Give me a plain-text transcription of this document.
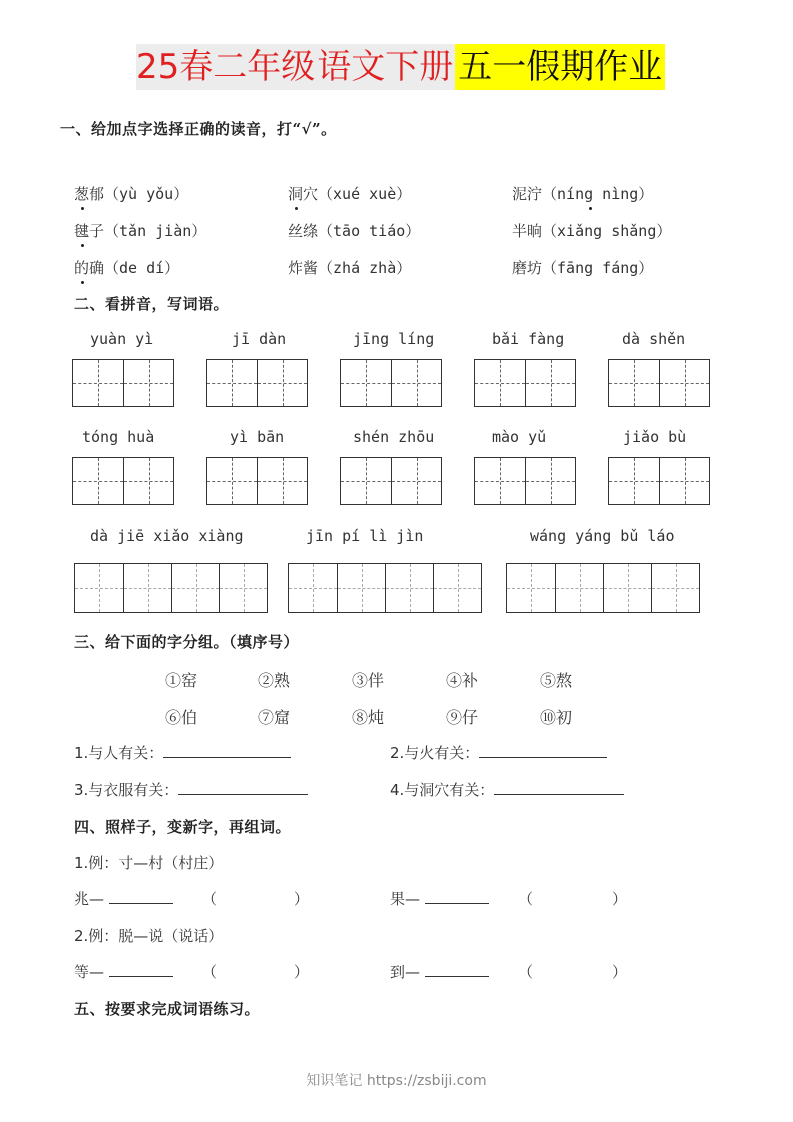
25春二年级 语文下册 五一假期作业
一、给加点字选择正确的读音，打“√”。
葱郁（yù yǒu）	洞穴（xué xuè）	泥泞（níng nìng）
毽子（tǎn jiàn）	丝绦（tāo tiáo）	半晌（xiǎng shǎng）
的确（de dí）	炸酱（zhá zhà）	磨坊（fāng fáng）
二、看拼音，写词语。
yuàn yì	jī dàn	jīng líng	bǎi fàng	dà shěn
tóng huà	yì bān	shén zhōu	mào yǔ	jiǎo bù
dà jiē xiǎo xiàng	jīn pí lì jìn	wáng yáng bǔ láo
三、给下面的字分组。（填序号）
①窑	②熟	③伴	④补	⑤熬
⑥伯	⑦窟	⑧炖	⑨仔	⑩初
1.与人有关：	2.与火有关：
3.与衣服有关：	4.与洞穴有关：
四、照样子，变新字，再组词。
1.例：寸—村（村庄）
兆—	（	）	果—	（	）
2.例：脱—说（说话）
等—	（	）	到—	（	）
五、按要求完成词语练习。
知识笔记 https://zsbiji.com
